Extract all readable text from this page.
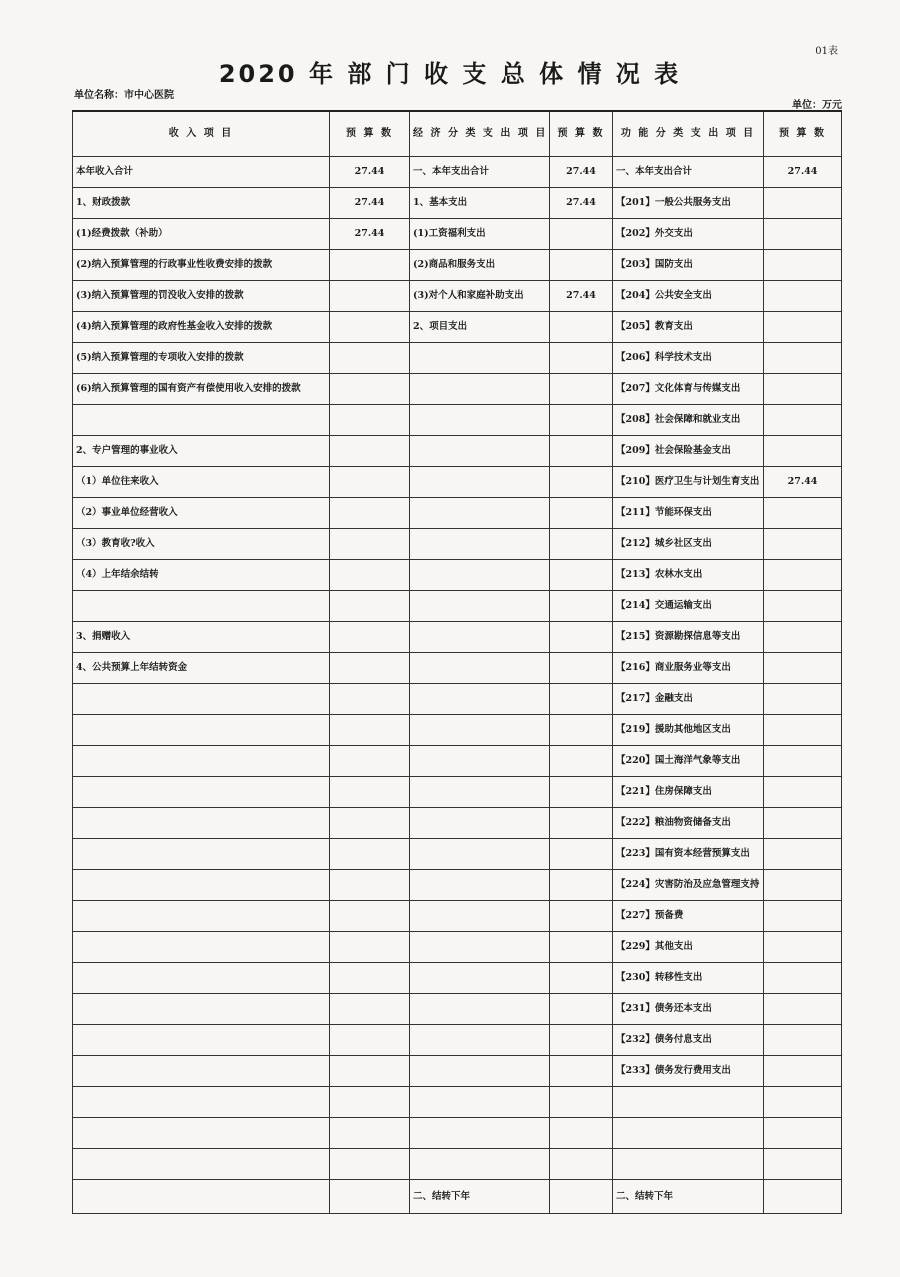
01表
2020 年 部 门 收 支 总 体 情 况 表
单位名称：市中心医院
单位：万元
收 入 项 目	预 算 数	经 济 分 类 支 出 项 目	预 算 数	功 能 分 类 支 出 项 目	预 算 数
本年收入合计	27.44	一、本年支出合计	27.44	一、本年支出合计	27.44
1、财政拨款	27.44	1、基本支出	27.44	【201】一般公共服务支出	
(1)经费拨款（补助）	27.44	(1)工资福利支出		【202】外交支出	
(2)纳入预算管理的行政事业性收费安排的拨款		(2)商品和服务支出		【203】国防支出	
(3)纳入预算管理的罚没收入安排的拨款		(3)对个人和家庭补助支出	27.44	【204】公共安全支出	
(4)纳入预算管理的政府性基金收入安排的拨款		2、项目支出		【205】教育支出	
(5)纳入预算管理的专项收入安排的拨款				【206】科学技术支出	
(6)纳入预算管理的国有资产有偿使用收入安排的拨款				【207】文化体育与传媒支出	
				【208】社会保障和就业支出	
2、专户管理的事业收入				【209】社会保险基金支出	
（1）单位往来收入				【210】医疗卫生与计划生育支出	27.44
（2）事业单位经营收入				【211】节能环保支出	
（3）教育收?收入				【212】城乡社区支出	
（4）上年结余结转				【213】农林水支出	
				【214】交通运输支出	
3、捐赠收入				【215】资源勘探信息等支出	
4、公共预算上年结转资金				【216】商业服务业等支出	
				【217】金融支出	
				【219】援助其他地区支出	
				【220】国土海洋气象等支出	
				【221】住房保障支出	
				【222】粮油物资储备支出	
				【223】国有资本经营预算支出	
				【224】灾害防治及应急管理支持	
				【227】预备费	
				【229】其他支出	
				【230】转移性支出	
				【231】债务还本支出	
				【232】债务付息支出	
				【233】债务发行费用支出	

		二、结转下年		二、结转下年	
